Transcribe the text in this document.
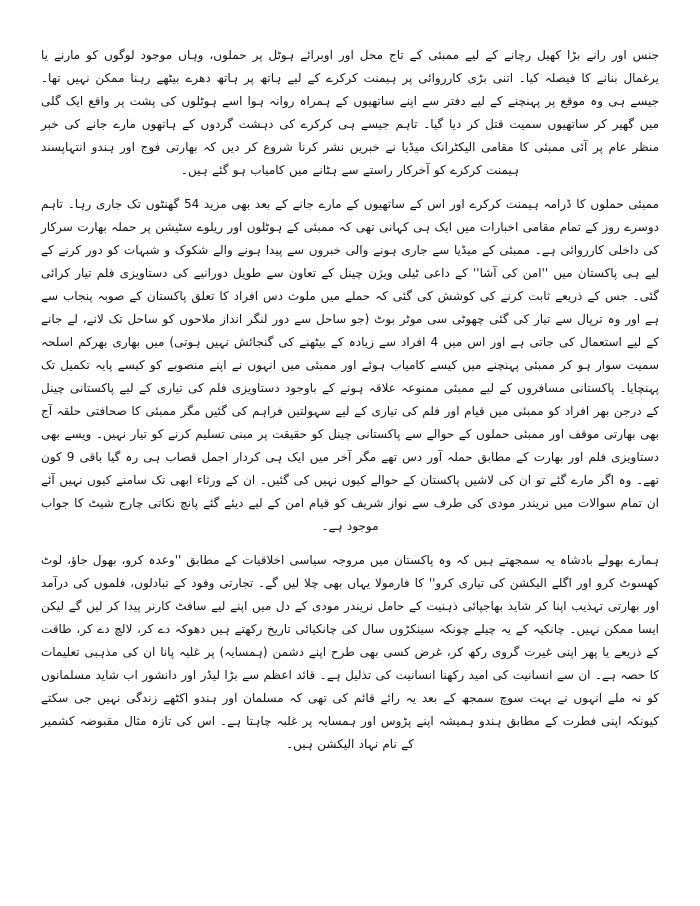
جنس اور رانے بڑا کھیل رچانے کے لیے ممبئی کے تاج محل اور اوبرائے ہوٹل پر حملوں، وہاں موجود لوگوں کو مارنے یا یرغمال بنانے کا فیصلہ کیا۔ اتنی بڑی کارروائی پر ہیمنت کرکرے کے لیے ہاتھ پر ہاتھ دھرے بیٹھے رہنا ممکن نہیں تھا۔ جیسے ہی وہ موقع پر پہنچنے کے لیے دفتر سے اپنے ساتھیوں کے ہمراہ روانہ ہوا اسے ہوٹلوں کی پشت پر واقع ایک گلی میں گھیر کر ساتھیوں سمیت قتل کر دیا گیا۔ تاہم جیسے ہی کرکرے کی دہشت گردوں کے ہاتھوں مارے جانے کی خبر منظر عام پر آئی ممبئی کا مقامی الیکٹرانک میڈیا نے خبریں نشر کرنا شروع کر دیں کہ بھارتی فوج اور ہندو انتہاپسند ہیمنت کرکرے کو آخرکار راستے سے ہٹانے میں کامیاب ہو گئے ہیں۔

ممبئی حملوں کا ڈرامہ ہیمنت کرکرے اور اس کے ساتھیوں کے مارے جانے کے بعد بھی مزید 54 گھنٹوں تک جاری رہا۔ تاہم دوسرے روز کے تمام مقامی اخبارات میں ایک ہی کہانی تھی کہ ممبئی کے ہوٹلوں اور ریلوے سٹیشن پر حملہ بھارت سرکار کی داخلی کارروائی ہے۔ ممبئی کے میڈیا سے جاری ہونے والی خبروں سے پیدا ہونے والے شکوک و شبہات کو دور کرنے کے لیے ہی پاکستان میں ''امن کی آشا'' کے داعی ٹیلی ویژن چینل کے تعاون سے طویل دورانیے کی دستاویزی فلم تیار کرائی گئی۔ جس کے ذریعے ثابت کرنے کی کوشش کی گئی کہ حملے میں ملوث دس افراد کا تعلق پاکستان کے صوبہ پنجاب سے ہے اور وہ ترپال سے تیار کی گئی چھوٹی سی موٹر بوٹ (جو ساحل سے دور لنگر انداز ملاحوں کو ساحل تک لانے، لے جانے کے لیے استعمال کی جاتی ہے اور اس میں 4 افراد سے زیادہ کے بیٹھنے کی گنجائش نہیں ہوتی) میں بھاری بھرکم اسلحہ سمیت سوار ہو کر ممبئی پہنچنے میں کیسے کامیاب ہوئے اور ممبئی میں انہوں نے اپنے منصوبے کو کیسے پایہ تکمیل تک پہنچایا۔ پاکستانی مسافروں کے لیے ممبئی ممنوعہ علاقہ ہونے کے باوجود دستاویزی فلم کی تیاری کے لیے پاکستانی چینل کے درجن بھر افراد کو ممبئی میں قیام اور فلم کی تیاری کے لیے سہولتیں فراہم کی گئیں مگر ممبئی کا صحافتی حلقہ آج بھی بھارتی موقف اور ممبئی حملوں کے حوالے سے پاکستانی چینل کو حقیقت پر مبنی تسلیم کرنے کو تیار نہیں۔ ویسے بھی دستاویزی فلم اور بھارت کے مطابق حملہ آور دس تھے مگر آخر میں ایک ہی کردار اجمل قصاب ہی رہ گیا باقی 9 کون تھے۔ وہ اگر مارے گئے تو ان کی لاشیں پاکستان کے حوالے کیوں نہیں کی گئیں۔ ان کے ورثاء ابھی تک سامنے کیوں نہیں آئے ان تمام سوالات میں نریندر مودی کی طرف سے نواز شریف کو قیام امن کے لیے دیئے گئے پانچ نکاتی چارج شیٹ کا جواب موجود ہے۔

ہمارے بھولے بادشاہ یہ سمجھتے ہیں کہ وہ پاکستان میں مروجہ سیاسی اخلاقیات کے مطابق ''وعدہ کرو، بھول جاؤ، لوٹ کھسوٹ کرو اور اگلے الیکشن کی تیاری کرو'' کا فارمولا یہاں بھی چلا لیں گے۔ تجارتی وفود کے تبادلوں، فلموں کی درآمد اور بھارتی تہذیب اپنا کر شاید بھاجپائی ذہنیت کے حامل نریندر مودی کے دل میں اپنے لیے سافٹ کارنر پیدا کر لیں گے لیکن ایسا ممکن نہیں۔ چانکیہ کے یہ چیلے چونکہ سینکڑوں سال کی چانکیائی تاریخ رکھتے ہیں دھوکہ دے کر، لالچ دے کر، طاقت کے ذریعے یا پھر اپنی غیرت گروی رکھ کر، غرض کسی بھی طرح اپنے دشمن (ہمسایہ) پر غلبہ پانا ان کی مذہبی تعلیمات کا حصہ ہے۔ ان سے انسانیت کی امید رکھنا انسانیت کی تذلیل ہے۔ قائد اعظم سے بڑا لیڈر اور دانشور اب شاید مسلمانوں کو نہ ملے انہوں نے بہت سوچ سمجھ کے بعد یہ رائے قائم کی تھی کہ مسلمان اور ہندو اکٹھے زندگی نہیں جی سکتے کیونکہ اپنی فطرت کے مطابق ہندو ہمیشہ اپنے پڑوس اور ہمسایہ پر غلبہ چاہتا ہے۔ اس کی تازہ مثال مقبوضہ کشمیر کے نام نہاد الیکشن ہیں۔
